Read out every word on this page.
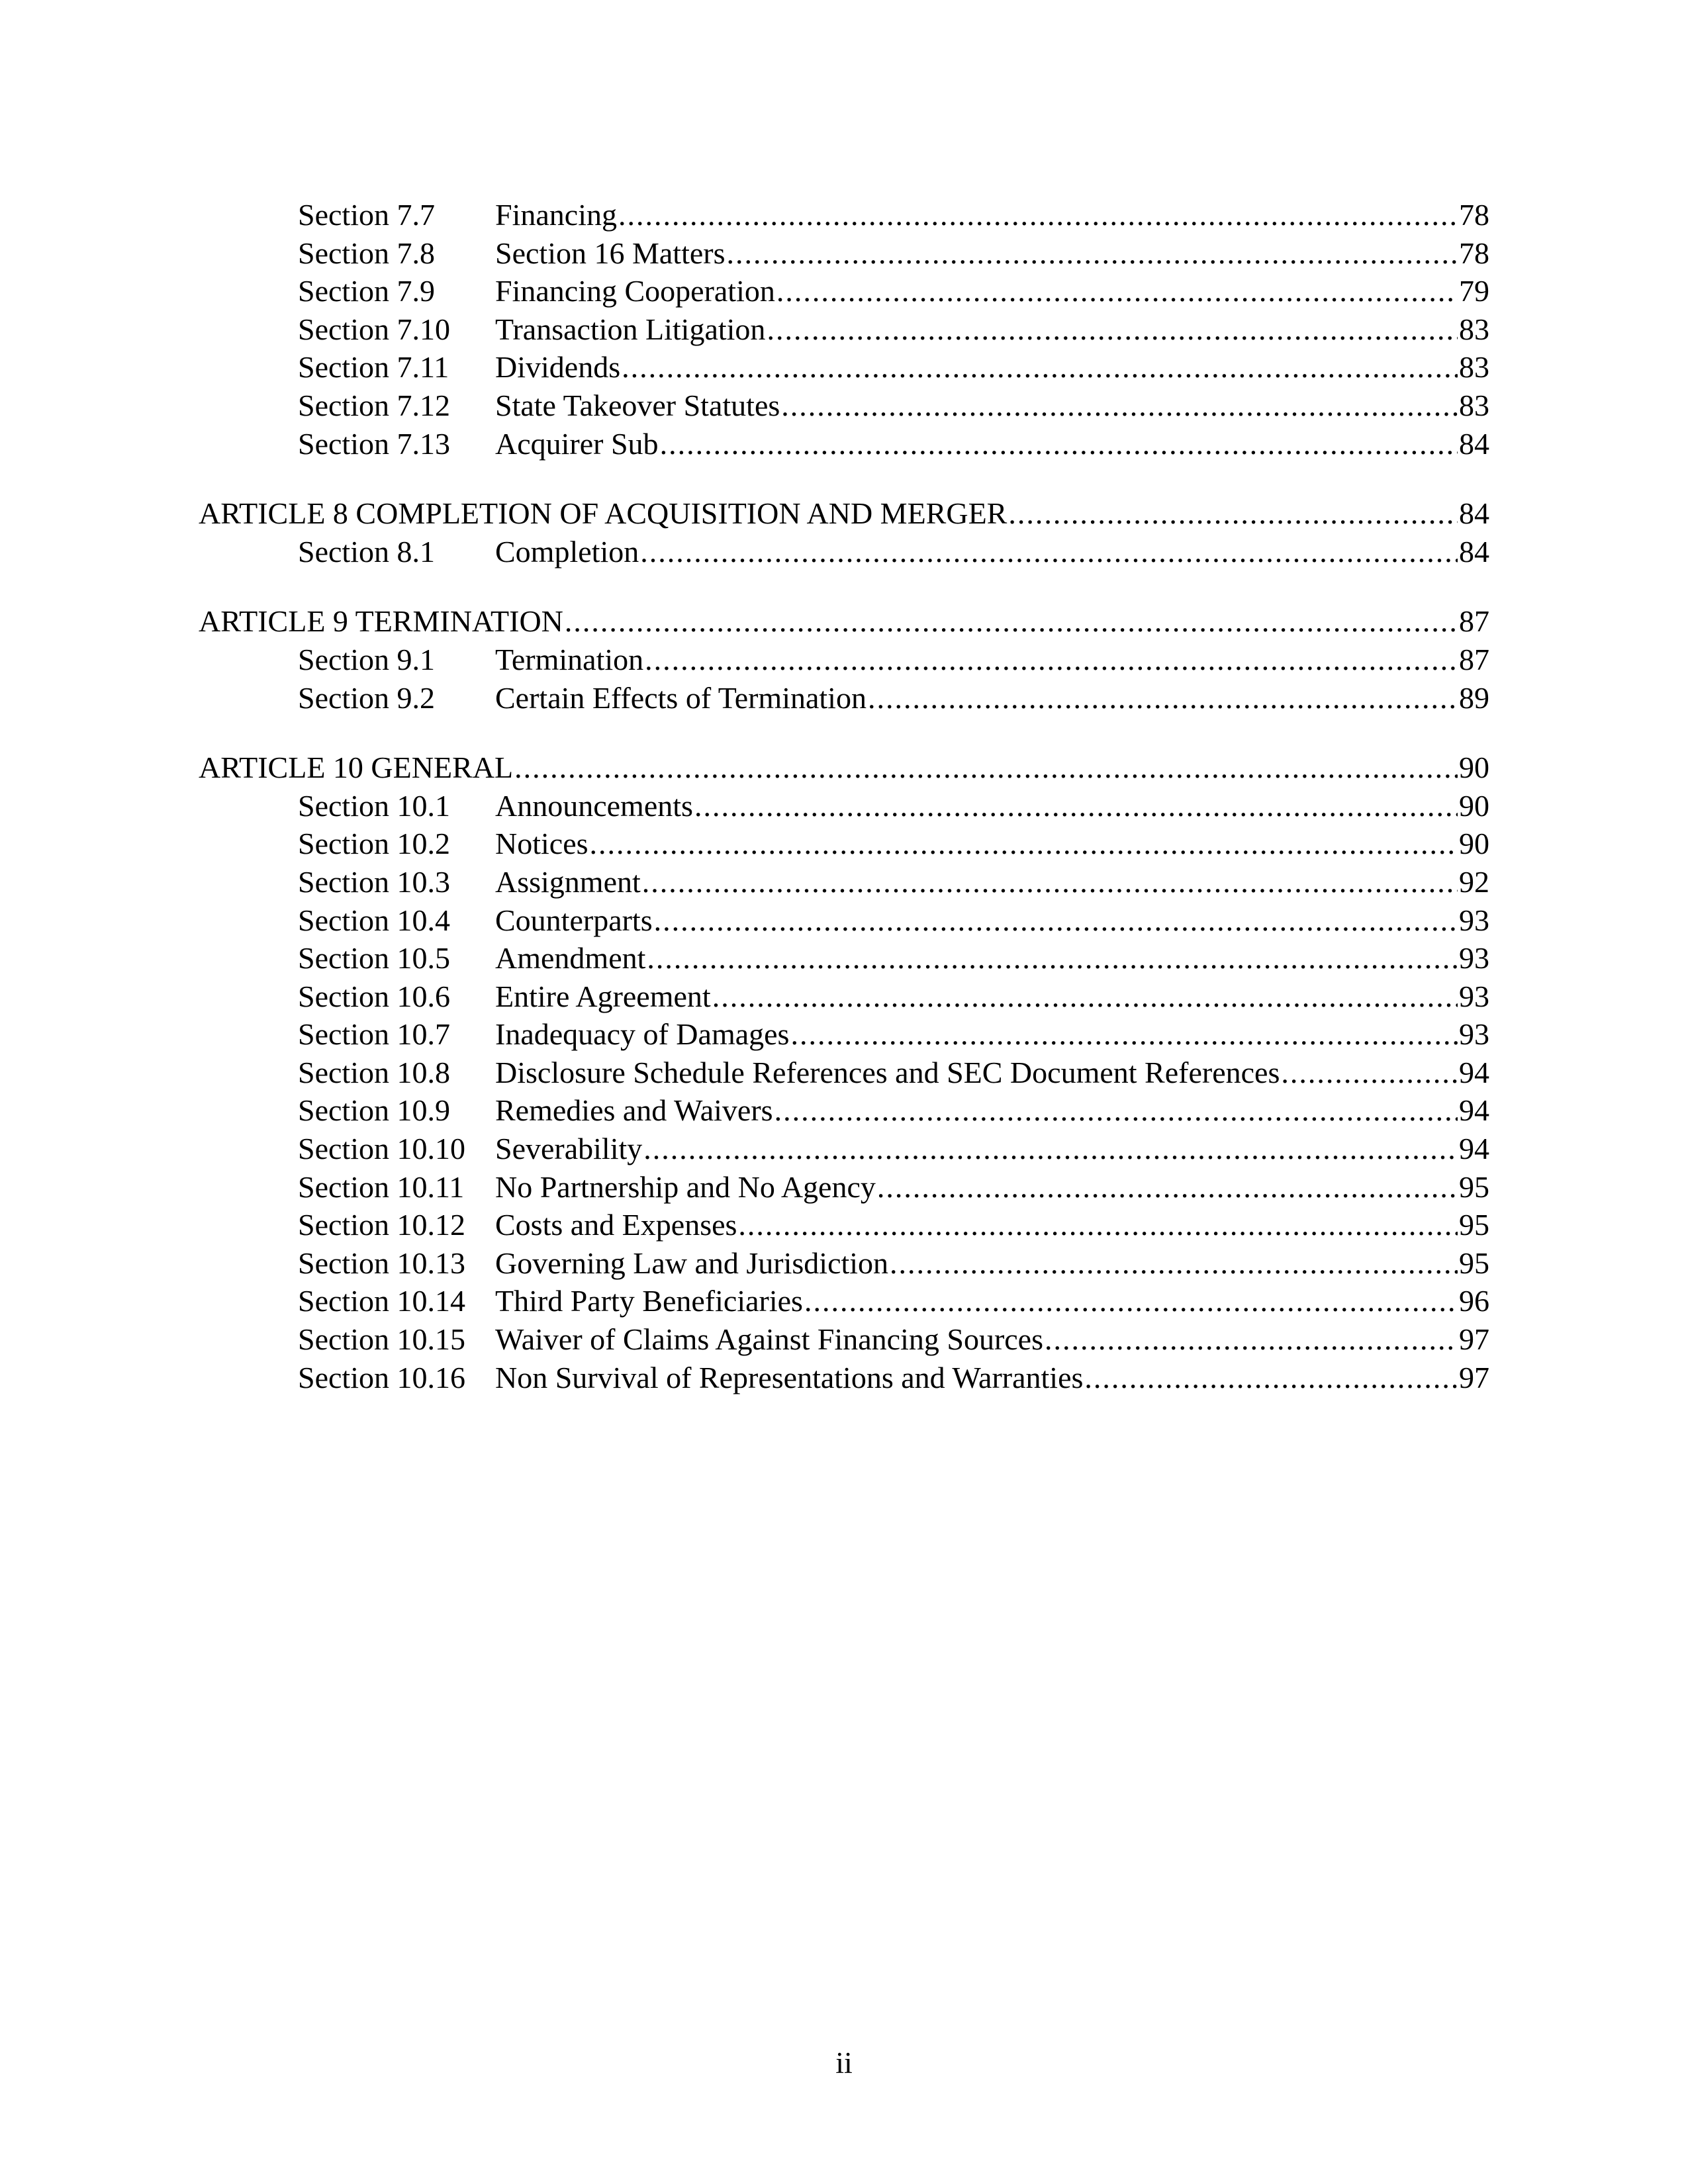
Section 7.7	Financing .....	78
Section 7.8	Section 16 Matters .....	78
Section 7.9	Financing Cooperation .....	79
Section 7.10	Transaction Litigation .....	83
Section 7.11	Dividends .....	83
Section 7.12	State Takeover Statutes .....	83
Section 7.13	Acquirer Sub .....	84
ARTICLE 8 COMPLETION OF ACQUISITION AND MERGER .....	84
Section 8.1	Completion .....	84
ARTICLE 9 TERMINATION .....	87
Section 9.1	Termination .....	87
Section 9.2	Certain Effects of Termination .....	89
ARTICLE 10 GENERAL .....	90
Section 10.1	Announcements .....	90
Section 10.2	Notices .....	90
Section 10.3	Assignment .....	92
Section 10.4	Counterparts .....	93
Section 10.5	Amendment .....	93
Section 10.6	Entire Agreement .....	93
Section 10.7	Inadequacy of Damages .....	93
Section 10.8	Disclosure Schedule References and SEC Document References .....	94
Section 10.9	Remedies and Waivers .....	94
Section 10.10 Severability .....	94
Section 10.11	No Partnership and No Agency .....	95
Section 10.12 Costs and Expenses .....	95
Section 10.13 Governing Law and Jurisdiction .....	95
Section 10.14 Third Party Beneficiaries .....	96
Section 10.15 Waiver of Claims Against Financing Sources .....	97
Section 10.16 Non Survival of Representations and Warranties .....	97
ii
